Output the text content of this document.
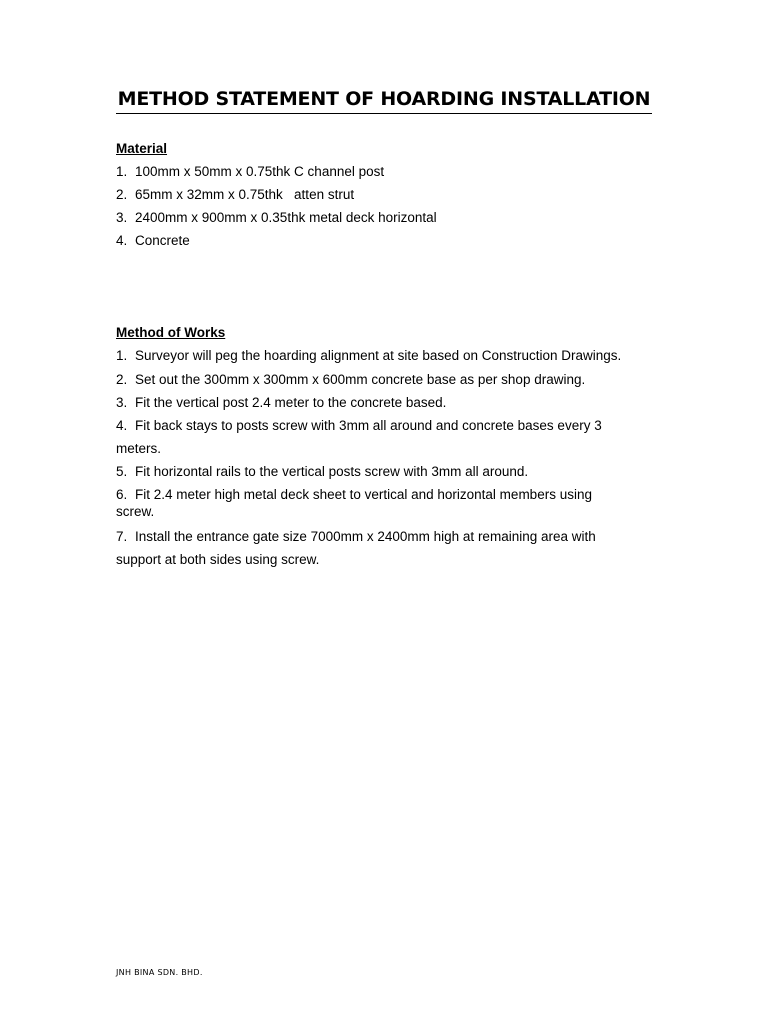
METHOD STATEMENT OF HOARDING INSTALLATION
Material
1. 100mm x 50mm x 0.75thk C channel post
2. 65mm x 32mm x 0.75thk   atten strut
3. 2400mm x 900mm x 0.35thk metal deck horizontal
4. Concrete
Method of Works
1. Surveyor will peg the hoarding alignment at site based on Construction Drawings.
2. Set out the 300mm x 300mm x 600mm concrete base as per shop drawing.
3. Fit the vertical post 2.4 meter to the concrete based.
4. Fit back stays to posts screw with 3mm all around and concrete bases every 3 meters.
5. Fit horizontal rails to the vertical posts screw with 3mm all around.
6. Fit 2.4 meter high metal deck sheet to vertical and horizontal members using screw.
7. Install the entrance gate size 7000mm x 2400mm high at remaining area with support at both sides using screw.
JNH BINA SDN. BHD.
